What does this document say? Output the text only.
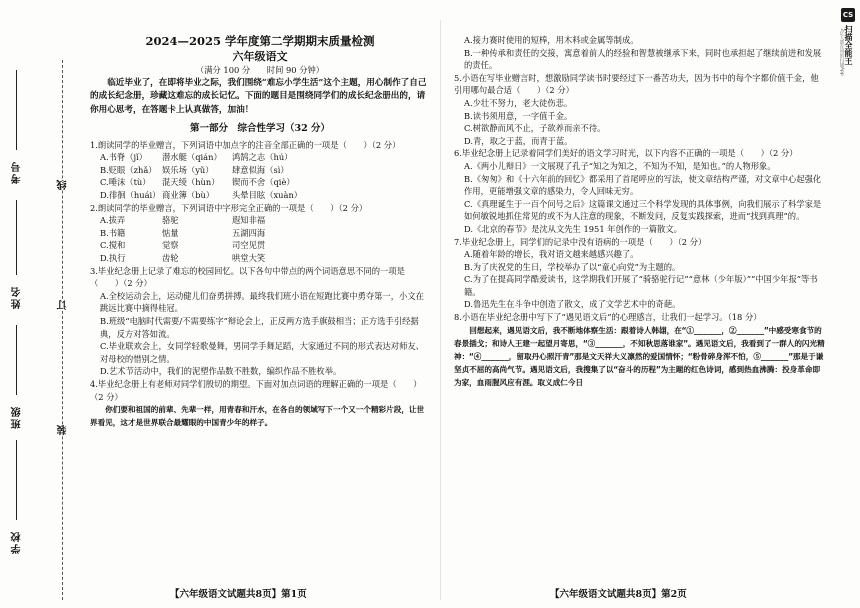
考号
姓名
班级
学校
线
订
装
2024—2025 学年度第二学期期末质量检测
六年级语文
（满分 100 分　　时间 90 分钟）
临近毕业了，在即将毕业之际，我们围绕“难忘小学生活”这个主题，用心制作了自己的成长纪念册，珍藏这难忘的成长记忆。下面的题目是围绕同学们的成长纪念册出的，请你用心思考，在答题卡上认真做答，加油！
第一部分　综合性学习（32 分）

1.朗读同学的毕业赠言，下列词语中加点字的注音全部正确的一项是（　　）（2 分）

A.书脊（jǐ）	潜水艇（qián）	鸿鹄之志（hú）
B.贬眼（zhǎ） 娱乐场（yǔ）	肆意似海（sì）
C.唾沫（tù）	混天绫（hùn）	锲而不舍（qiè）
D.徘徊（huái） 商业簿（bù）	头晕目眩（xuàn）

2.朗读同学的毕业赠言，下列词语中字形完全正确的一项是（　　）（2 分）

A.拔弄	骆驼	遐知非福
B.书籍	惦量	五湖四海
C.搅和	觉察	司空见贯
D.执行	齿轮	哄堂大笑

3.毕业纪念册上记录了难忘的校园回忆。以下各句中带点的两个词语意思不同的一项是（　　）（2 分）

A.全校运动会上，运动健儿们奋勇拼搏。最终我们班小语在短跑比赛中勇夺第一，小文在跳远比赛中摘得桂冠。

B.班级“电脑时代需要/不需要练字”辩论会上，正反两方选手旗鼓相当；正方选手引经据典，反方对答如流。

C.毕业联欢会上，女同学轻歌曼舞，男同学手舞足蹈，大家通过不同的形式表达对师友、对母校的惜别之情。

D.艺术节活动中，我们的泥塑作品数不胜数，编织作品不胜枚举。

4.毕业纪念册上有老师对同学们殷切的期望。下面对加点词语的理解正确的一项是（　　）（2 分）

你们要和祖国的前辈、先辈一样，用青春和汗水，在各自的领域写下一个又一个精彩片段，让世界看见，这才是世界联合最耀眼的中国青少年的样子。

【六年级语文试题共8页】第1页

A.接力赛时使用的短棒，用木料或金属等制成。

B.一种传承和责任的交接，寓意着前人的经验和智慧被继承下来，同时也承担起了继续前进和发展的责任。

5.小语在写毕业赠言时，想激励同学读书时要经过下一番苦功夫，因为书中的每个字都价值千金，他引用哪句最合适（　　）（2 分）

A.少壮不努力，老大徒伤悲。

B.读书须用意，一字值千金。

C.树欲静而风不止，子欲养而亲不待。

D.青，取之于蓝，而青于蓝。

6.毕业纪念册上记录着同学们美好的语文学习时光，以下内容不正确的一项是（　　）（2 分）

A.《两小儿辩日》一文展现了孔子“知之为知之，不知为不知，是知也。”的人物形象。

B.《匆匆》和《十六年前的回忆》都采用了首尾呼应的写法，使文章结构严谨，对文章中心起强化作用，更能增强文章的感染力，令人回味无穷。

C.《真理诞生于一百个问号之后》这篇课文通过三个科学发现的具体事例，向我们展示了科学家是如何敏锐地抓住常见的或不为人注意的现象，不断发问，反复实践探索，进而“找到真理”的。

D.《北京的春节》是沈从文先生 1951 年创作的一篇散文。

7.毕业纪念册上，同学们的记录中没有语病的一项是（　　）（2 分）

A.随着年龄的增长，我对语文越来越感兴趣了。

B.为了庆祝党的生日，学校举办了以“童心向党”为主题的。

C.为了在提高同学酷爱读书，这学期我们开展了“骑骆驼行记”“意林（少年版）”“中国少年报”等书籍。

D.鲁迅先生在斗争中创造了散文，成了文学艺术中的奇葩。

8.小语在毕业纪念册中写下了“遇见语文后”的心理感言，让我们一起学习。（18 分）

回想起来，遇见语文后，我不断地体察生活：跟着诗人韩翃，在“①______，②______”中感受寒食节的春景插戈；和诗人王建一起望月寄思，“③______，不知秋思落谁家”。遇见语文后，我看到了一群人的闪光精神：“④______，留取丹心照汗青”那是文天祥大义凛然的爱国情怀；“粉骨碎身浑不怕，⑤______”那是于谦坚贞不屈的高尚气节。遇见语文后，我搜集了以“奋斗的历程”为主题的红色诗词，感到热血沸腾：投身革命即为家，血雨腥风应有涯。取义成仁今日

【六年级语文试题共8页】第2页
CS
扫描全能王
3亿人都在用的扫描App
